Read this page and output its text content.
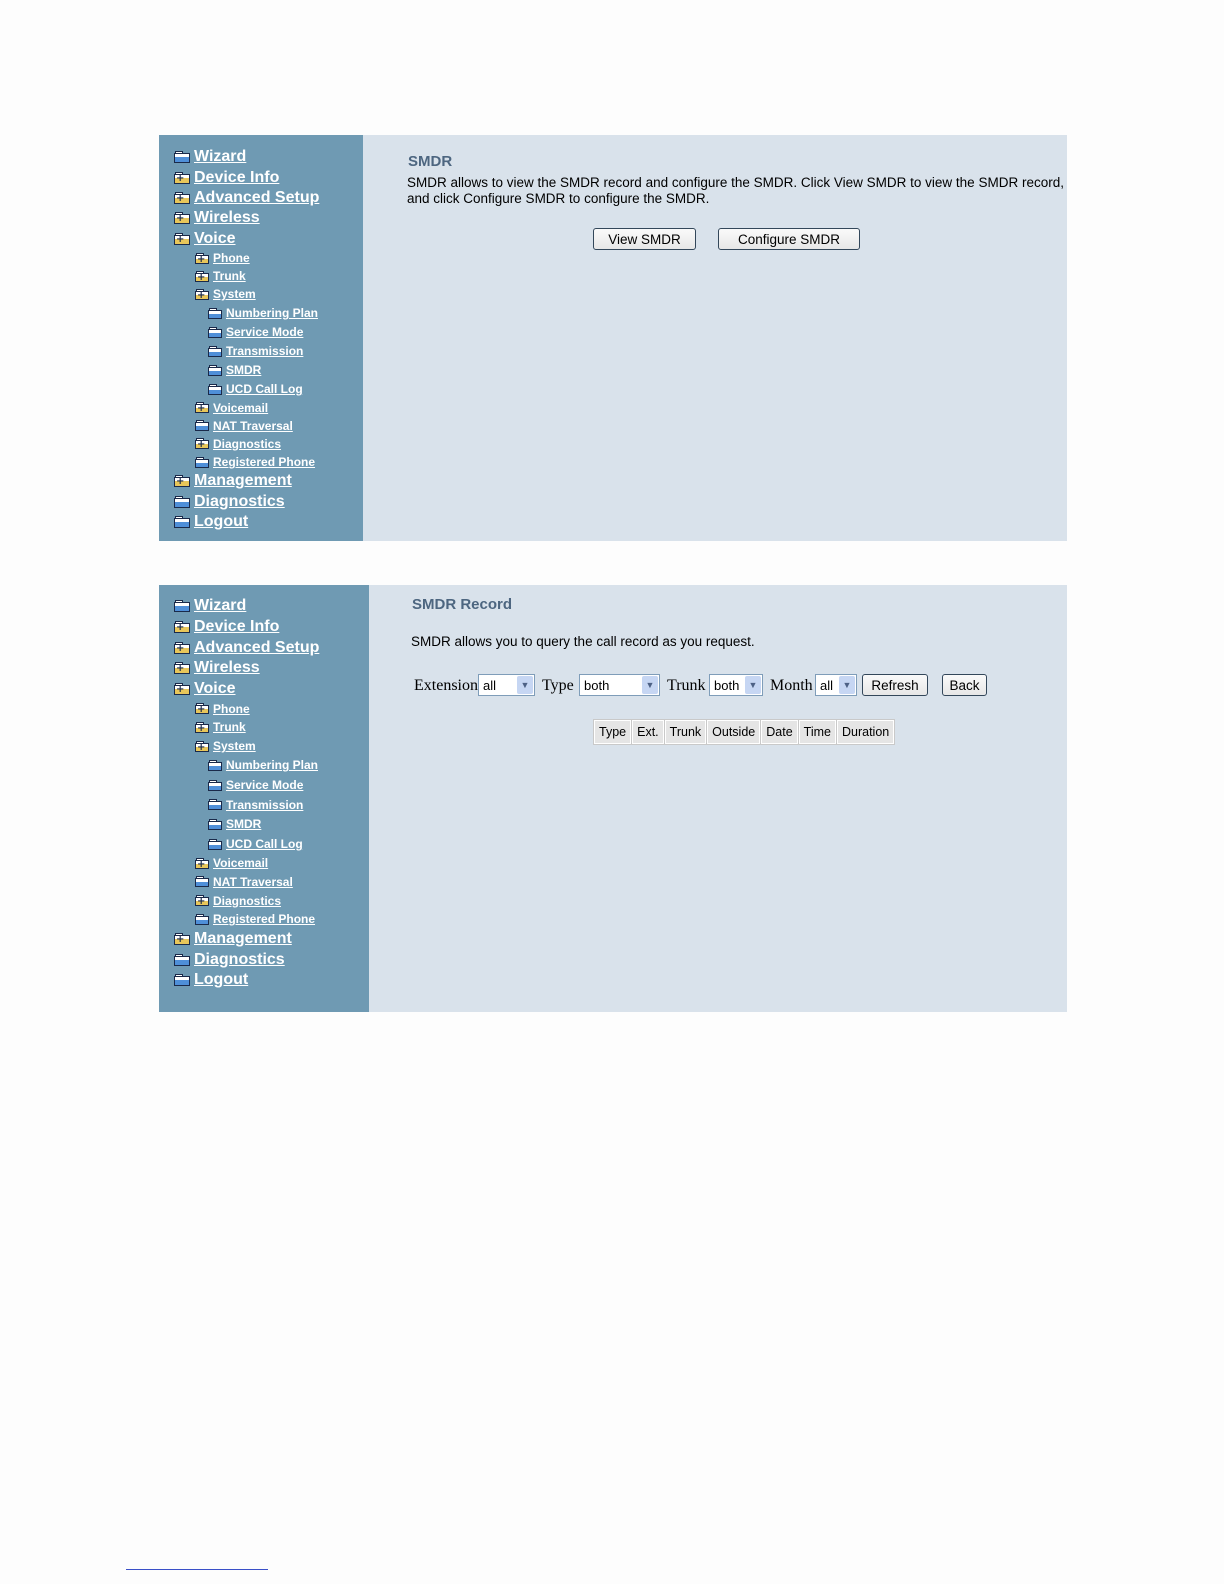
Wizard
+
Device Info
+
Advanced Setup
+
Wireless
+
Voice
+
Phone
+
Trunk
+
System
Numbering Plan
Service Mode
Transmission
SMDR
UCD Call Log
+
Voicemail
NAT Traversal
+
Diagnostics
Registered Phone
+
Management
Diagnostics
Logout
SMDR
SMDR allows to view the SMDR record and configure the SMDR. Click View SMDR to view the SMDR record,
and click Configure SMDR to configure the SMDR.
View SMDR	Configure SMDR
Wizard
+
Device Info
+
Advanced Setup
+
Wireless
+
Voice
+
Phone
+
Trunk
+
System
Numbering Plan
Service Mode
Transmission
SMDR
UCD Call Log
+
Voicemail
NAT Traversal
+
Diagnostics
Registered Phone
+
Management
Diagnostics
Logout
SMDR Record
SMDR allows you to query the call record as you request.
Extension all	▼ Type both	▼ Trunk both	▼ Month all	▼	Refresh	Back
Type	Ext.	Trunk	Outside	Date	Time	Duration
